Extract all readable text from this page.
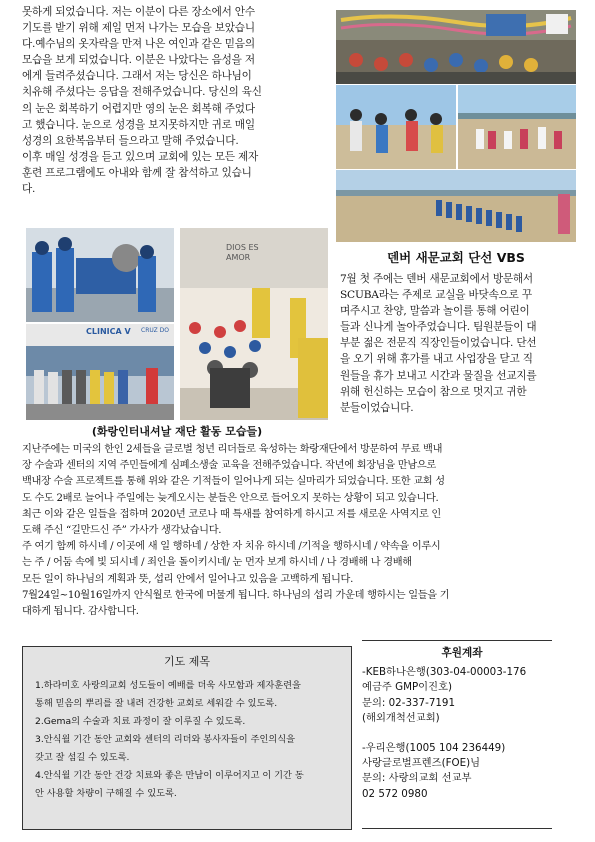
못하게 되었습니다. 저는 이분이 다른 장소에서 안수

기도를 받기 위해 제일 먼저 나가는 모습을 보았습니

다.예수님의 옷자락을 만져 나은 여인과 같은 믿음의

모습을 보게 되었습니다. 이분은 나았다는 음성을 저

에게 들려주셨습니다. 그래서 저는 당신은 하나님이

치유해 주셨다는 응답을 전해주었습니다. 당신의 육신

의 눈은 회복하기 어렵지만 영의 눈은 회복해 주었다

고 했습니다. 눈으로 성경을 보지못하지만 귀로 매일

성경의 요한복음부터 들으라고 말해 주었습니다.

이후 매일 성경을 듣고 있으며 교회에 있는 모든 제자

훈련 프로그램에도 아내와 함께 잘 참석하고 있습니

다.

CLINICA V CRUZ DO
DIOS ES AMOR
(화랑인터내셔날 재단 활동 모습들)
덴버 새문교회 단선 VBS

7월 첫 주에는 덴버 새문교회에서 방문해서

SCUBA라는 주제로 교실을 바닷속으로 꾸

며주시고 찬양, 말씀과 놀이를 통해 어린이

들과 신나게 놀아주었습니다. 팀원분들이 대

부분 젊은 전문직 직장인들이었습니다. 단선

을 오기 위해 휴가를 내고 사업장을 닫고 직

원들을 휴가 보내고 시간과 물질을 선교지를

위해 헌신하는 모습이 참으로 멋지고 귀한

분들이었습니다.

지난주에는 미국의 한인 2세들을 글로벌 청년 리더들로 육성하는 화랑재단에서 방문하여 무료 백내

장 수술과 센터의 지역 주민들에게 심폐소생술 교육을 전해주었습니다. 작년에 회장님을 만남으로

백내장 수술 프로젝트를 통해 위와 같은 기적들이 일어나게 되는 실마리가 되었습니다. 또한 교회 성

도 수도 2배로 늘어나 주일에는 늦게오시는 분들은 안으로 들어오지 못하는 상황이 되고 있습니다.

최근 이와 같은 일들을 접하며 2020년 코로나 때 특새를 참여하게 하시고 저를 새로운 사역지로 인

도해 주신 “길만드신 주” 가사가 생각났습니다.

주 여기 함께 하시네 / 이곳에 새 일 행하네 / 상한 자 치유 하시네 /기적을 행하시네 / 약속을 이루시

는 주 / 어둠 속에 빛 되시네 / 죄인을 돌이키시네/ 눈 먼자 보게 하시네 / 나 경배해 나 경배해

모든 일이 하나님의 계획과 뜻, 섭리 안에서 일어나고 있음을 고백하게 됩니다.

7월24일~10월16일까지 안식월로 한국에 머물게 됩니다. 하나님의 섭리 가운데 행하시는 일들을 기

대하게 됩니다. 감사합니다.

기도 제목
1.하라미호 사랑의교회 성도들이 예배를 더욱 사모함과 제자훈련을
통해 믿음의 뿌리를 잘 내려 건강한 교회로 세워갈 수 있도록.
2.Gema의 수술과 치료 과정이 잘 이루질 수 있도록.
3.안식월 기간 동안 교회와 센터의 리더와 봉사자들이 주인의식을
갖고 잘 섬길 수 있도록.
4.안식월 기간 동안 건강 치료와 좋은 만남이 이루어지고 이 기간 동
안 사용할 차량이 구해질 수 있도록.
후원계좌
-KEB하나은행(303-04-00003-176
예금주 GMP이진호)
문의: 02-337-7191
(해외개척선교회)
-우리은행(1005 104 236449)
사랑글로벌프렌즈(FOE)님
문의: 사랑의교회 선교부
02 572 0980
